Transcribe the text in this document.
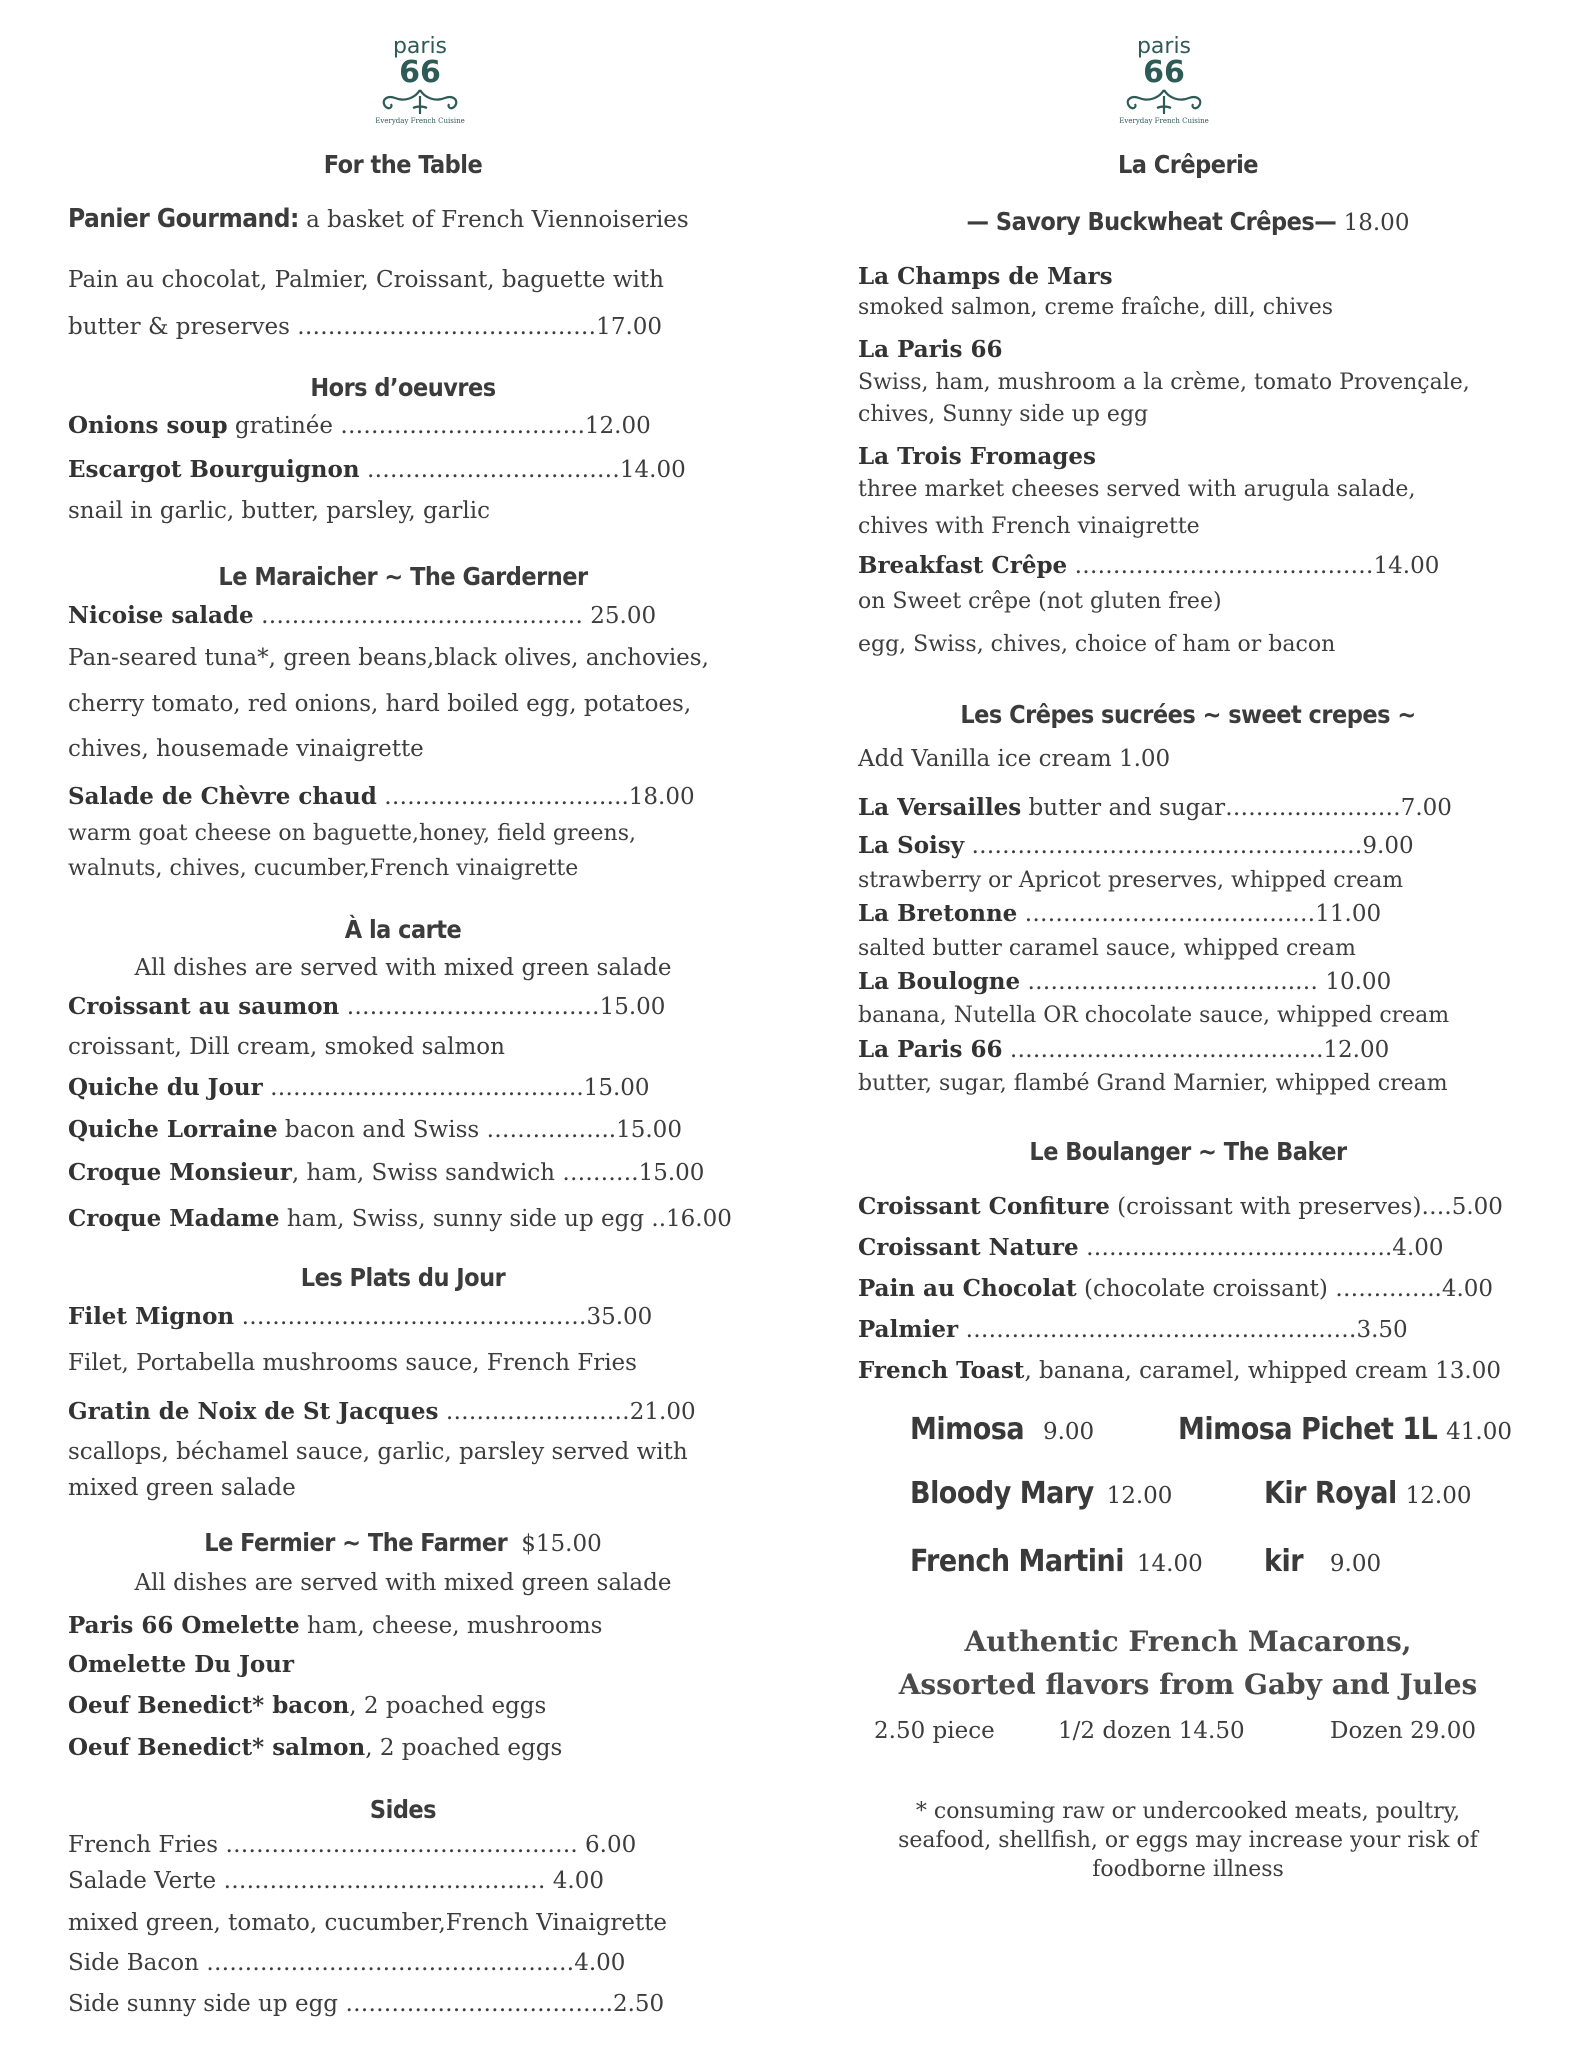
paris
66
Everyday French Cuisine
paris
66
Everyday French Cuisine
For the Table
Panier Gourmand: a basket of French Viennoiseries
Pain au chocolat, Palmier, Croissant, baguette with
butter & preserves …………………………………17.00
Hors d’oeuvres
Onions soup gratinée …………………………..12.00
Escargot Bourguignon ……………………………14.00
snail in garlic, butter, parsley, garlic
Le Maraicher ~ The Garderner
Nicoise salade …………………………………… 25.00
Pan-seared tuna*, green beans,black olives, anchovies,
cherry tomato, red onions, hard boiled egg, potatoes,
chives, housemade vinaigrette
Salade de Chèvre chaud …………………………..18.00
warm goat cheese on baguette,honey, field greens,
walnuts, chives, cucumber,French vinaigrette
À la carte
All dishes are served with mixed green salade
Croissant au saumon ……………………………15.00
croissant, Dill cream, smoked salmon
Quiche du Jour …………………………………..15.00
Quiche Lorraine bacon and Swiss ……………..15.00
Croque Monsieur, ham, Swiss sandwich ……….15.00
Croque Madame ham, Swiss, sunny side up egg ..16.00
Les Plats du Jour
Filet Mignon ………………………………………35.00
Filet, Portabella mushrooms sauce, French Fries
Gratin de Noix de St Jacques ……………………21.00
scallops, béchamel sauce, garlic, parsley served with
mixed green salade
Le Fermier ~ The Farmer $15.00
All dishes are served with mixed green salade
Paris 66 Omelette ham, cheese, mushrooms
Omelette Du Jour
Oeuf Benedict* bacon, 2 poached eggs
Oeuf Benedict* salmon, 2 poached eggs
Sides
French Fries ………………………………………. 6.00
Salade Verte …………………………………… 4.00
mixed green, tomato, cucumber,French Vinaigrette
Side Bacon …………………………………………4.00
Side sunny side up egg ……………………………..2.50
La Crêperie
— Savory Buckwheat Crêpes— 18.00
La Champs de Mars
smoked salmon, creme fraîche, dill, chives
La Paris 66
Swiss, ham, mushroom a la crème, tomato Provençale,
chives, Sunny side up egg
La Trois Fromages
three market cheeses served with arugula salade,
chives with French vinaigrette
Breakfast Crêpe …………………………………14.00
on Sweet crêpe (not gluten free)
egg, Swiss, chives, choice of ham or bacon
Les Crêpes sucrées ~ sweet crepes ~
Add Vanilla ice cream 1.00
La Versailles butter and sugar…………..………7.00
La Soisy ……………………………………………9.00
strawberry or Apricot preserves, whipped cream
La Bretonne ……………………..…………11.00
salted butter caramel sauce, whipped cream
La Boulogne ……………………………..… 10.00
banana, Nutella OR chocolate sauce, whipped cream
La Paris 66 …………………………………..12.00
butter, sugar, flambé Grand Marnier, whipped cream
Le Boulanger ~ The Baker
Croissant Confiture (croissant with preserves)….5.00
Croissant Nature ………………………………….4.00
Pain au Chocolat (chocolate croissant) …………..4.00
Palmier ……………………………………………3.50
French Toast, banana, caramel, whipped cream 13.00
Mimosa 9.00	Mimosa Pichet 1L 41.00
Bloody Mary 12.00	Kir Royal 12.00
French Martini 14.00 kir 9.00
Authentic French Macarons,
Assorted flavors from Gaby and Jules
2.50 piece	1/2 dozen 14.50	Dozen 29.00
* consuming raw or undercooked meats, poultry, seafood, shellfish, or eggs may increase your risk of foodborne illness
